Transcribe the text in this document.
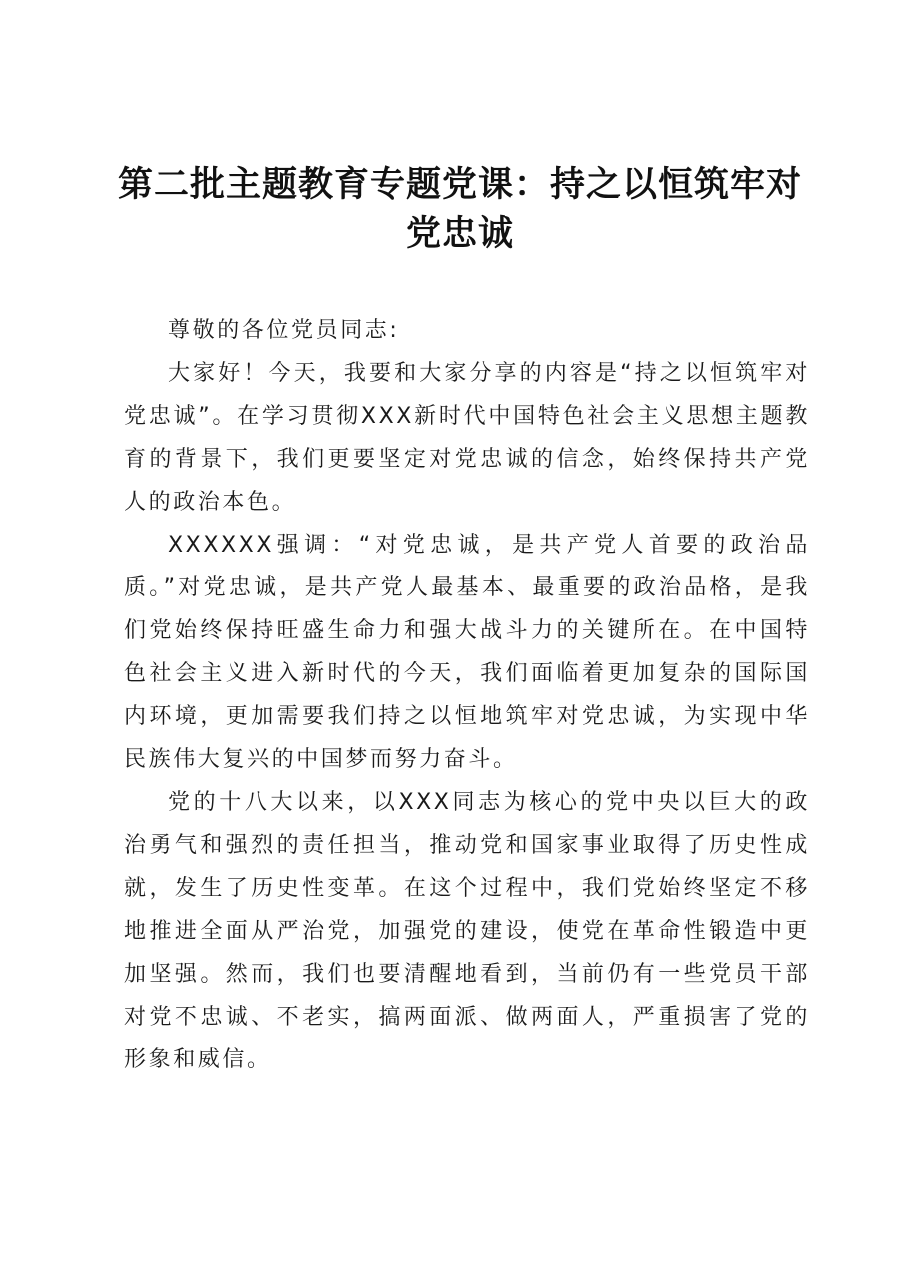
第二批主题教育专题党课：持之以恒筑牢对党忠诚

尊敬的各位党员同志:

大家好！今天，我要和大家分享的内容是“持之以恒筑牢对党忠诚”。在学习贯彻XXX新时代中国特色社会主义思想主题教育的背景下，我们更要坚定对党忠诚的信念，始终保持共产党人的政治本色。

XXXXXX强调：“对党忠诚，是共产党人首要的政治品质。”对党忠诚，是共产党人最基本、最重要的政治品格，是我们党始终保持旺盛生命力和强大战斗力的关键所在。在中国特色社会主义进入新时代的今天，我们面临着更加复杂的国际国内环境，更加需要我们持之以恒地筑牢对党忠诚，为实现中华民族伟大复兴的中国梦而努力奋斗。

党的十八大以来，以XXX同志为核心的党中央以巨大的政治勇气和强烈的责任担当，推动党和国家事业取得了历史性成就，发生了历史性变革。在这个过程中，我们党始终坚定不移地推进全面从严治党，加强党的建设，使党在革命性锻造中更加坚强。然而，我们也要清醒地看到，当前仍有一些党员干部对党不忠诚、不老实，搞两面派、做两面人，严重损害了党的形象和威信。
